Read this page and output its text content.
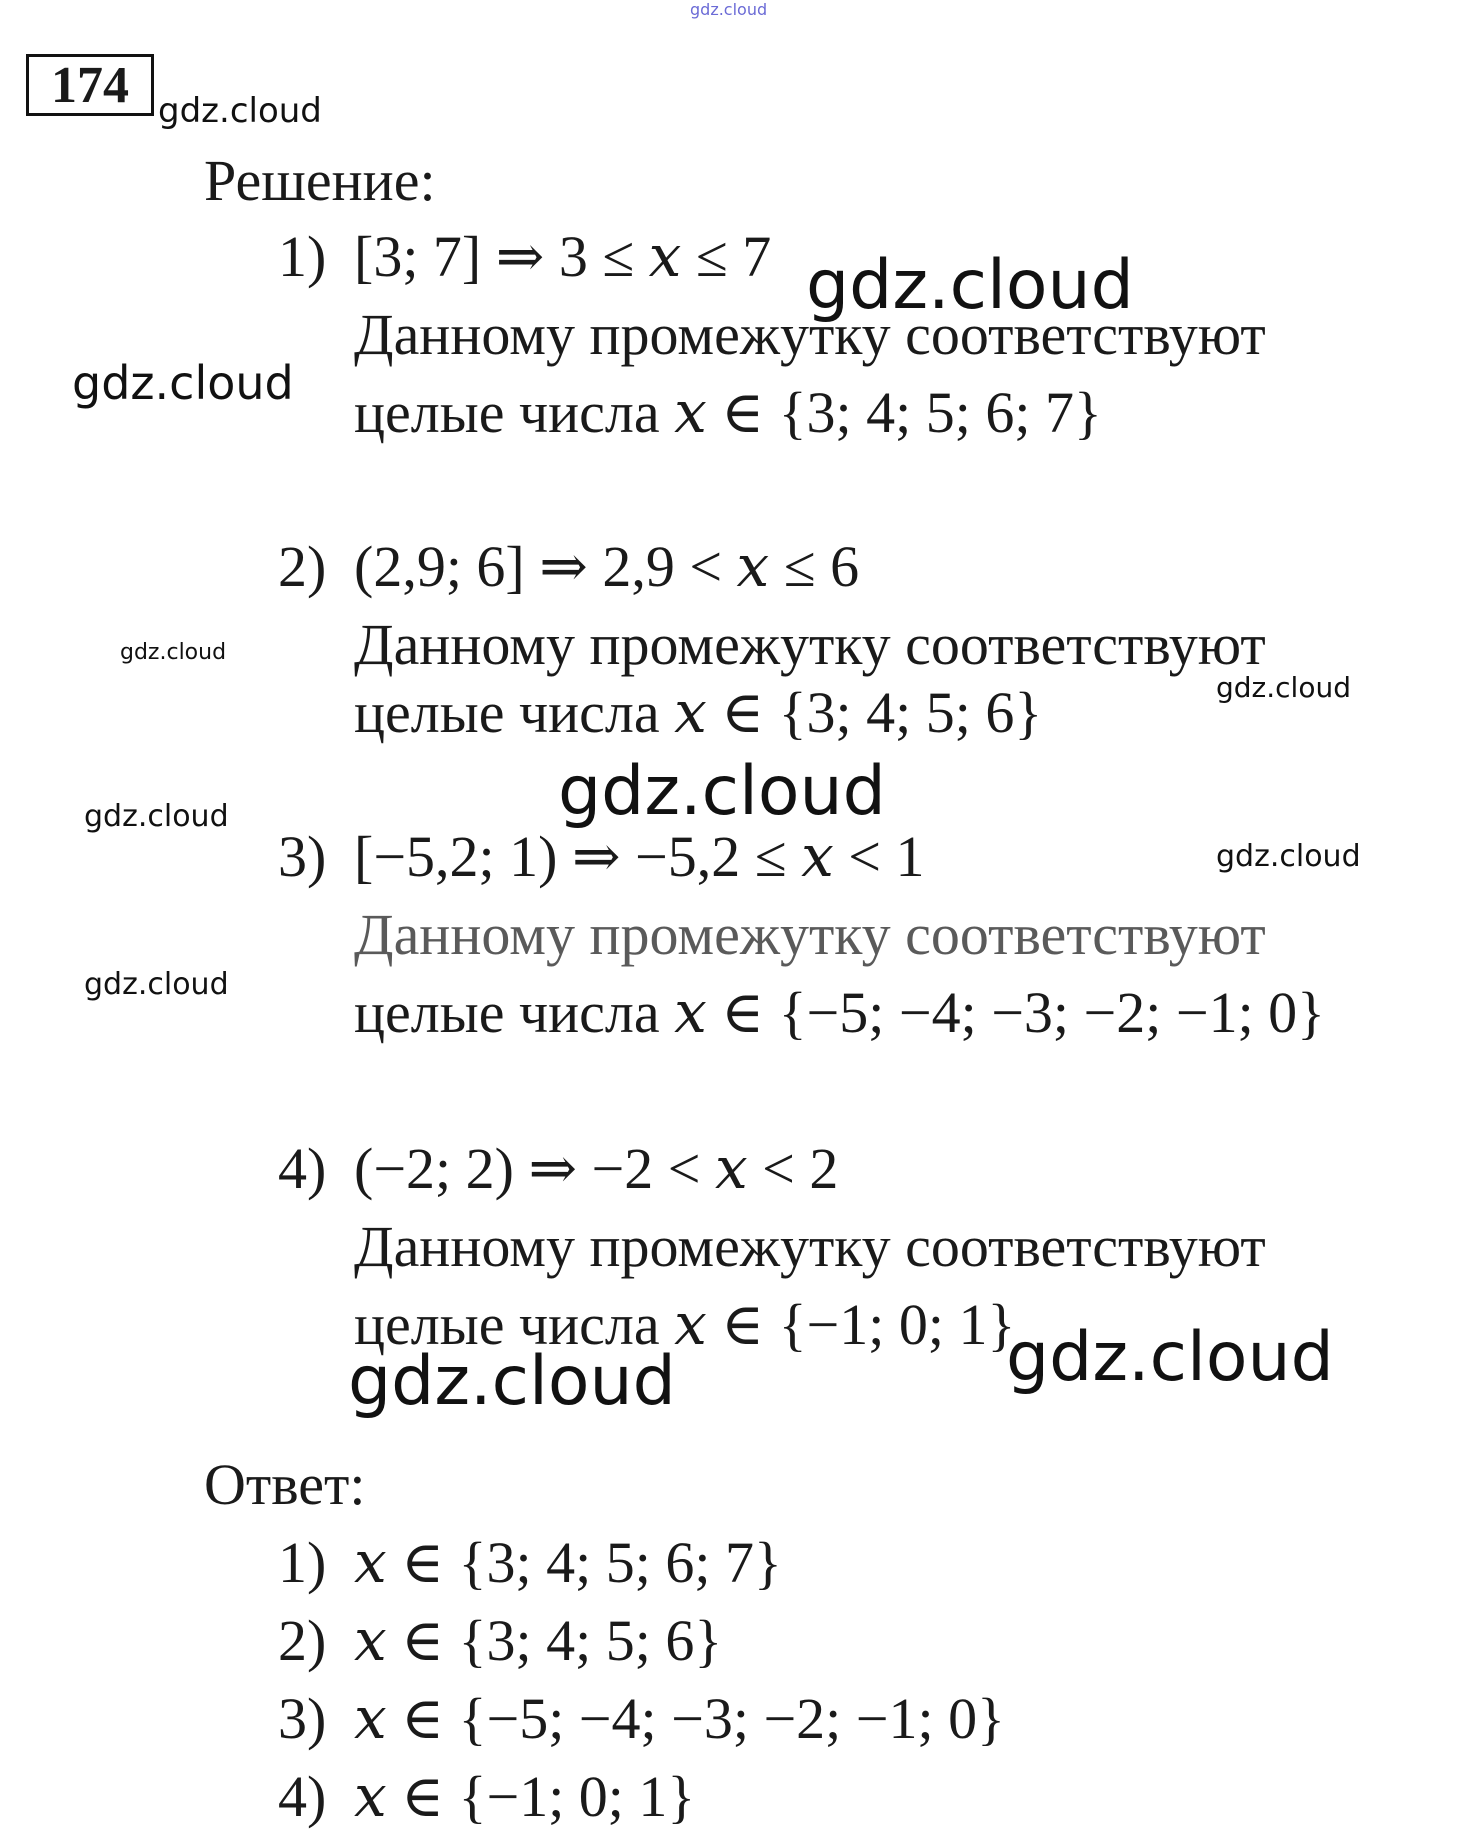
gdz.cloud
174 gdz.cloud
Решение:
1) [3; 7] ⇒ 3 ≤ 𝑥 ≤ 7 gdz.cloud
Данному промежутку соответствуют
gdz.cloud целые числа 𝑥 ∈ {3; 4; 5; 6; 7}
2) (2,9; 6] ⇒ 2,9 < 𝑥 ≤ 6
Данному промежутку соответствуют
gdz.cloud
gdz.cloud
целые числа 𝑥 ∈ {3; 4; 5; 6}
gdz.cloud
gdz.cloud
3) [−5,2; 1) ⇒ −5,2 ≤ 𝑥 < 1	gdz.cloud
Данному промежутку соответствуют
gdz.cloud целые числа 𝑥 ∈ {−5; −4; −3; −2; −1; 0}
4) (−2; 2) ⇒ −2 < 𝑥 < 2
Данному промежутку соответствуют
целые числа 𝑥 ∈ {−1; 0; 1}
gdz.cloud
gdz.cloud
Ответ:
1) 𝑥 ∈ {3; 4; 5; 6; 7}
2) 𝑥 ∈ {3; 4; 5; 6}
3) 𝑥 ∈ {−5; −4; −3; −2; −1; 0}
4) 𝑥 ∈ {−1; 0; 1}
